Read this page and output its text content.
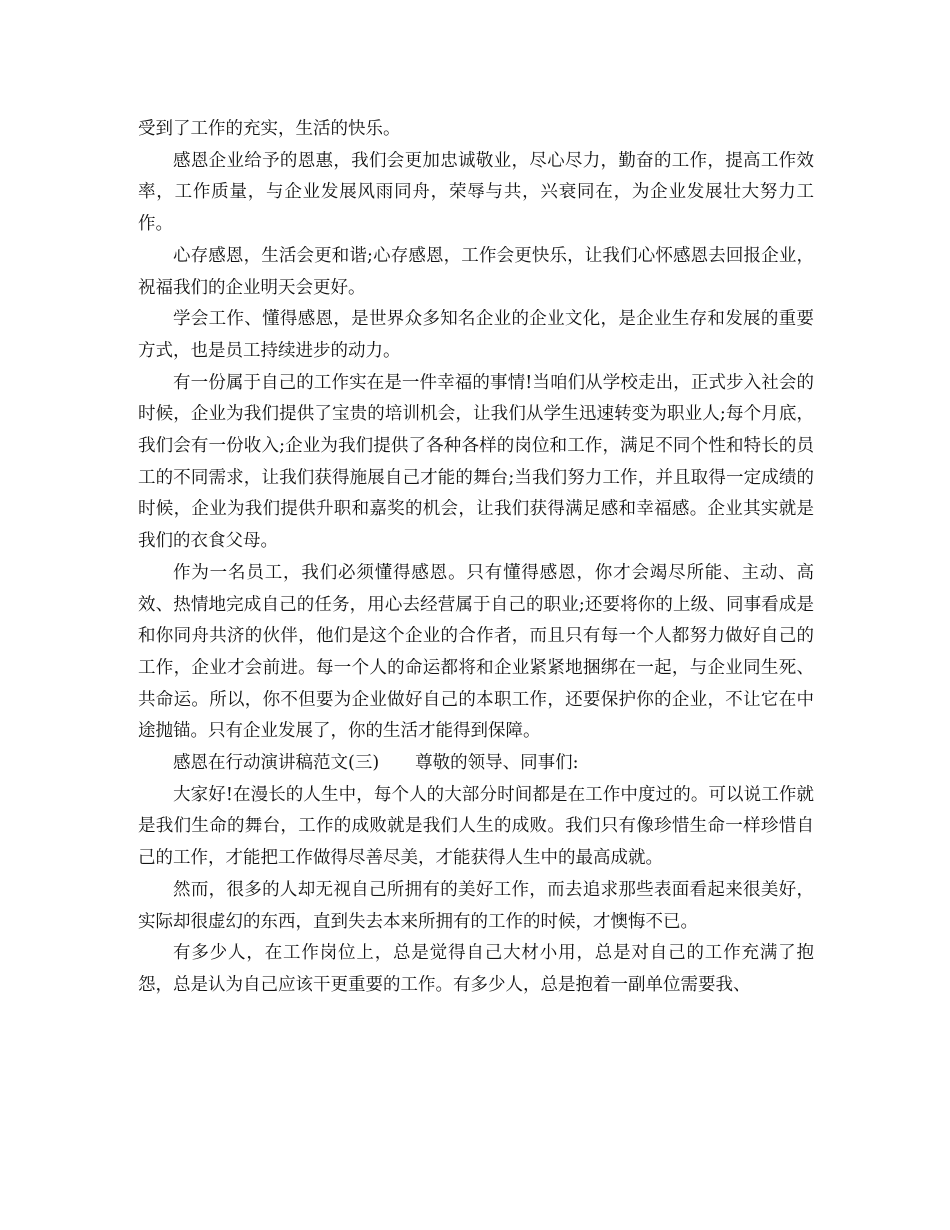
受到了工作的充实，生活的快乐。

感恩企业给予的恩惠，我们会更加忠诚敬业，尽心尽力，勤奋的工作，提高工作效率，工作质量，与企业发展风雨同舟，荣辱与共，兴衰同在，为企业发展壮大努力工作。

心存感恩，生活会更和谐;心存感恩，工作会更快乐，让我们心怀感恩去回报企业，祝福我们的企业明天会更好。

学会工作、懂得感恩，是世界众多知名企业的企业文化，是企业生存和发展的重要方式，也是员工持续进步的动力。

有一份属于自己的工作实在是一件幸福的事情!当咱们从学校走出，正式步入社会的时候，企业为我们提供了宝贵的培训机会，让我们从学生迅速转变为职业人;每个月底，我们会有一份收入;企业为我们提供了各种各样的岗位和工作，满足不同个性和特长的员工的不同需求，让我们获得施展自己才能的舞台;当我们努力工作，并且取得一定成绩的时候，企业为我们提供升职和嘉奖的机会，让我们获得满足感和幸福感。企业其实就是我们的衣食父母。

作为一名员工，我们必须懂得感恩。只有懂得感恩，你才会竭尽所能、主动、高效、热情地完成自己的任务，用心去经营属于自己的职业;还要将你的上级、同事看成是和你同舟共济的伙伴，他们是这个企业的合作者，而且只有每一个人都努力做好自己的工作，企业才会前进。每一个人的命运都将和企业紧紧地捆绑在一起，与企业同生死、共命运。所以，你不但要为企业做好自己的本职工作，还要保护你的企业，不让它在中途抛锚。只有企业发展了，你的生活才能得到保障。

感恩在行动演讲稿范文(三) 尊敬的领导、同事们:

大家好!在漫长的人生中，每个人的大部分时间都是在工作中度过的。可以说工作就是我们生命的舞台，工作的成败就是我们人生的成败。我们只有像珍惜生命一样珍惜自己的工作，才能把工作做得尽善尽美，才能获得人生中的最高成就。

然而，很多的人却无视自己所拥有的美好工作，而去追求那些表面看起来很美好，实际却很虚幻的东西，直到失去本来所拥有的工作的时候，才懊悔不已。

有多少人，在工作岗位上，总是觉得自己大材小用，总是对自己的工作充满了抱怨，总是认为自己应该干更重要的工作。有多少人，总是抱着一副单位需要我、
